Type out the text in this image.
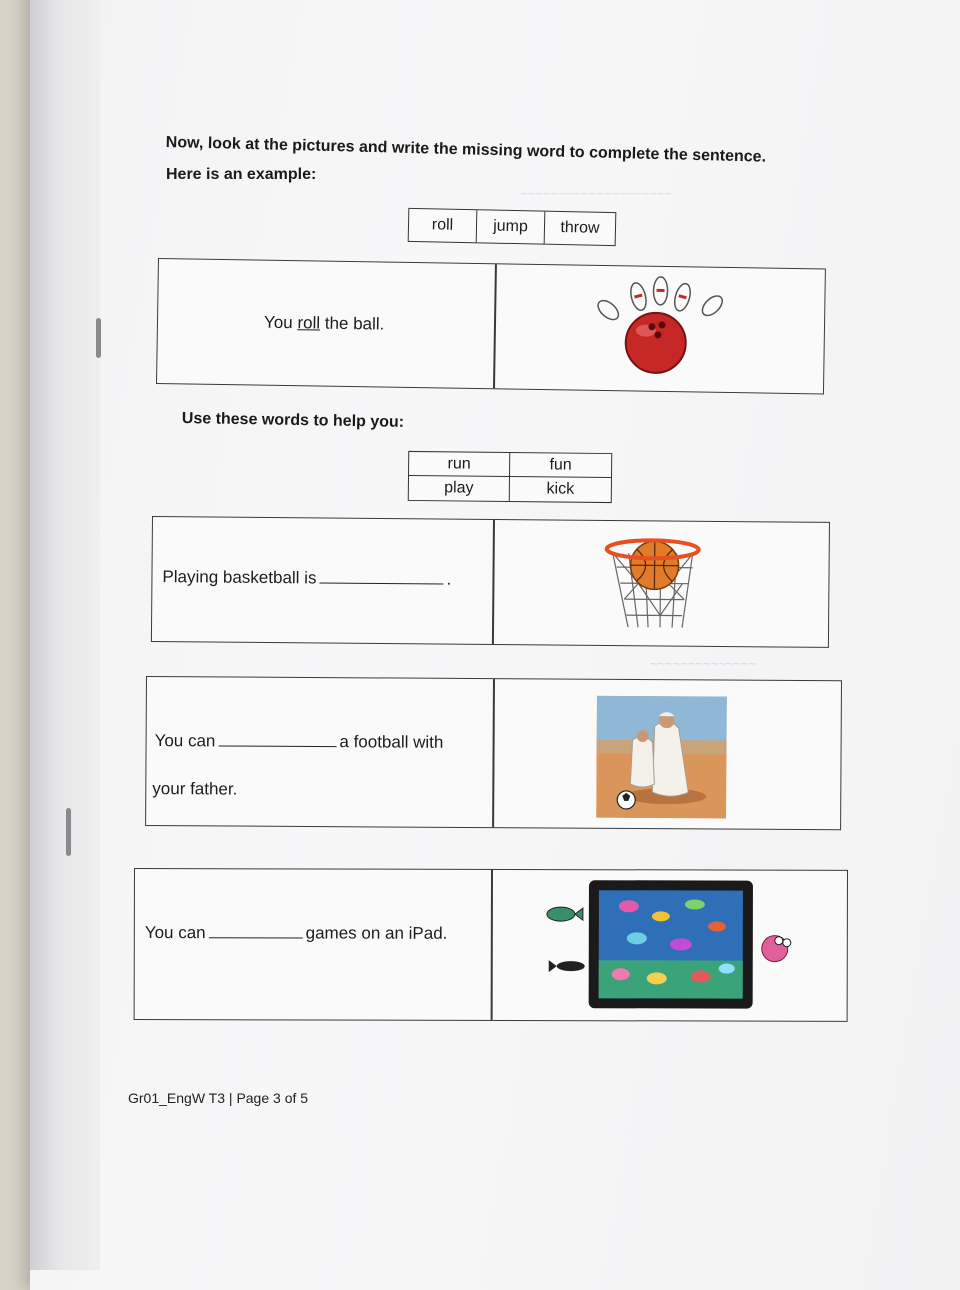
~~~~~~~~~~~~~~~~~~~~
~~~~~~~~~~~~~~
Now, look at the pictures and write the missing word to complete the sentence.
Here is an example:
roll	jump	throw
You roll the ball.
Use these words to help you:
run	fun
play	kick
Playing basketball is	.
You can	a football with
your father.
You can	games on an iPad.
Gr01_EngW T3 | Page 3 of 5
